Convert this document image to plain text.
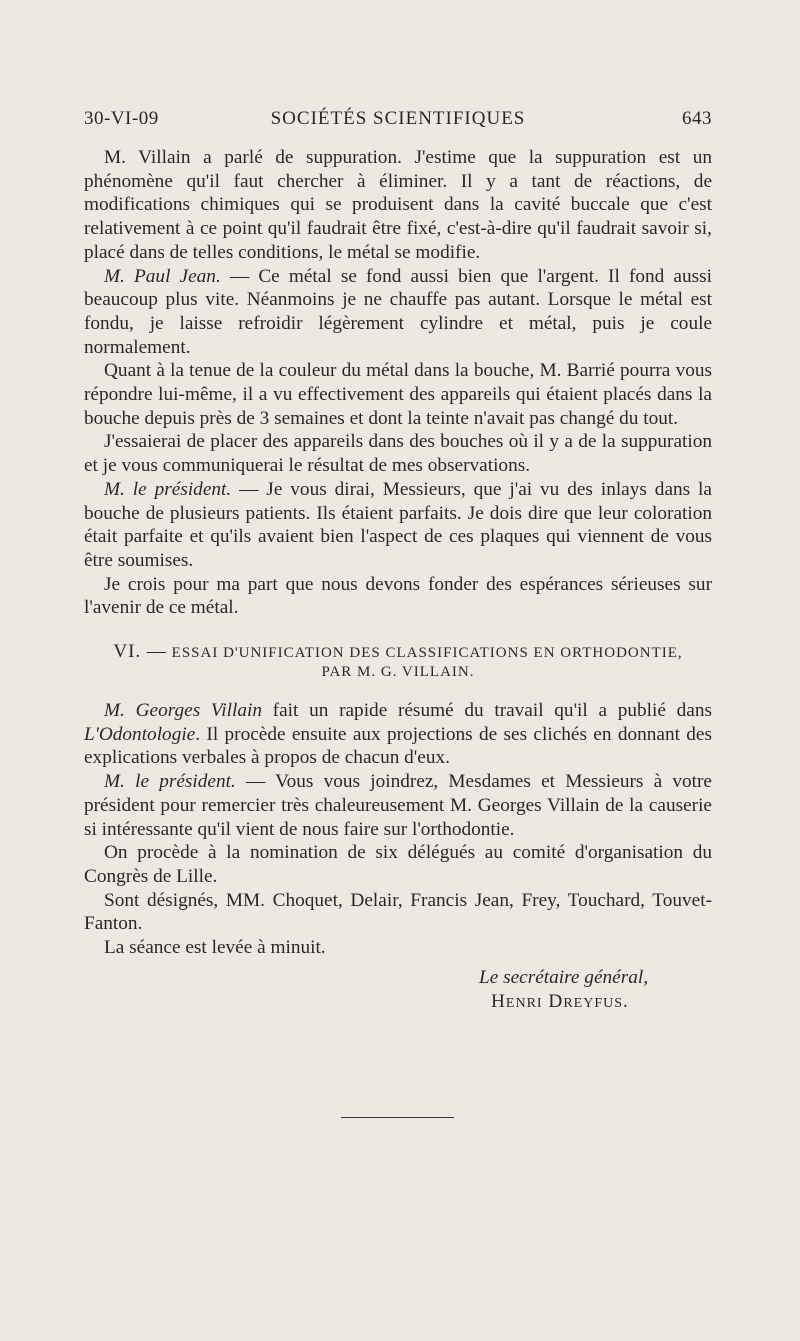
30-VI-09	SOCIÉTÉS SCIENTIFIQUES	643

M. Villain a parlé de suppuration. J'estime que la suppuration est un phénomène qu'il faut chercher à éliminer. Il y a tant de réactions, de modifications chimiques qui se produisent dans la cavité buccale que c'est relativement à ce point qu'il faudrait être fixé, c'est-à-dire qu'il faudrait savoir si, placé dans de telles conditions, le métal se modifie.

M. Paul Jean. — Ce métal se fond aussi bien que l'argent. Il fond aussi beaucoup plus vite. Néanmoins je ne chauffe pas autant. Lorsque le métal est fondu, je laisse refroidir légèrement cylindre et métal, puis je coule normalement.

Quant à la tenue de la couleur du métal dans la bouche, M. Barrié pourra vous répondre lui-même, il a vu effectivement des appareils qui étaient placés dans la bouche depuis près de 3 semaines et dont la teinte n'avait pas changé du tout.

J'essaierai de placer des appareils dans des bouches où il y a de la suppuration et je vous communiquerai le résultat de mes observations.

M. le président. — Je vous dirai, Messieurs, que j'ai vu des inlays dans la bouche de plusieurs patients. Ils étaient parfaits. Je dois dire que leur coloration était parfaite et qu'ils avaient bien l'aspect de ces plaques qui viennent de vous être soumises.

Je crois pour ma part que nous devons fonder des espérances sérieuses sur l'avenir de ce métal.

VI. — ESSAI D'UNIFICATION DES CLASSIFICATIONS EN ORTHODONTIE,
PAR M. G. VILLAIN.

M. Georges Villain fait un rapide résumé du travail qu'il a publié dans L'Odontologie. Il procède ensuite aux projections de ses clichés en donnant des explications verbales à propos de chacun d'eux.

M. le président. — Vous vous joindrez, Mesdames et Messieurs à votre président pour remercier très chaleureusement M. Georges Villain de la causerie si intéressante qu'il vient de nous faire sur l'orthodontie.

On procède à la nomination de six délégués au comité d'organisation du Congrès de Lille.

Sont désignés, MM. Choquet, Delair, Francis Jean, Frey, Touchard, Touvet-Fanton.

La séance est levée à minuit.

Le secrétaire général,
Henri Dreyfus.
